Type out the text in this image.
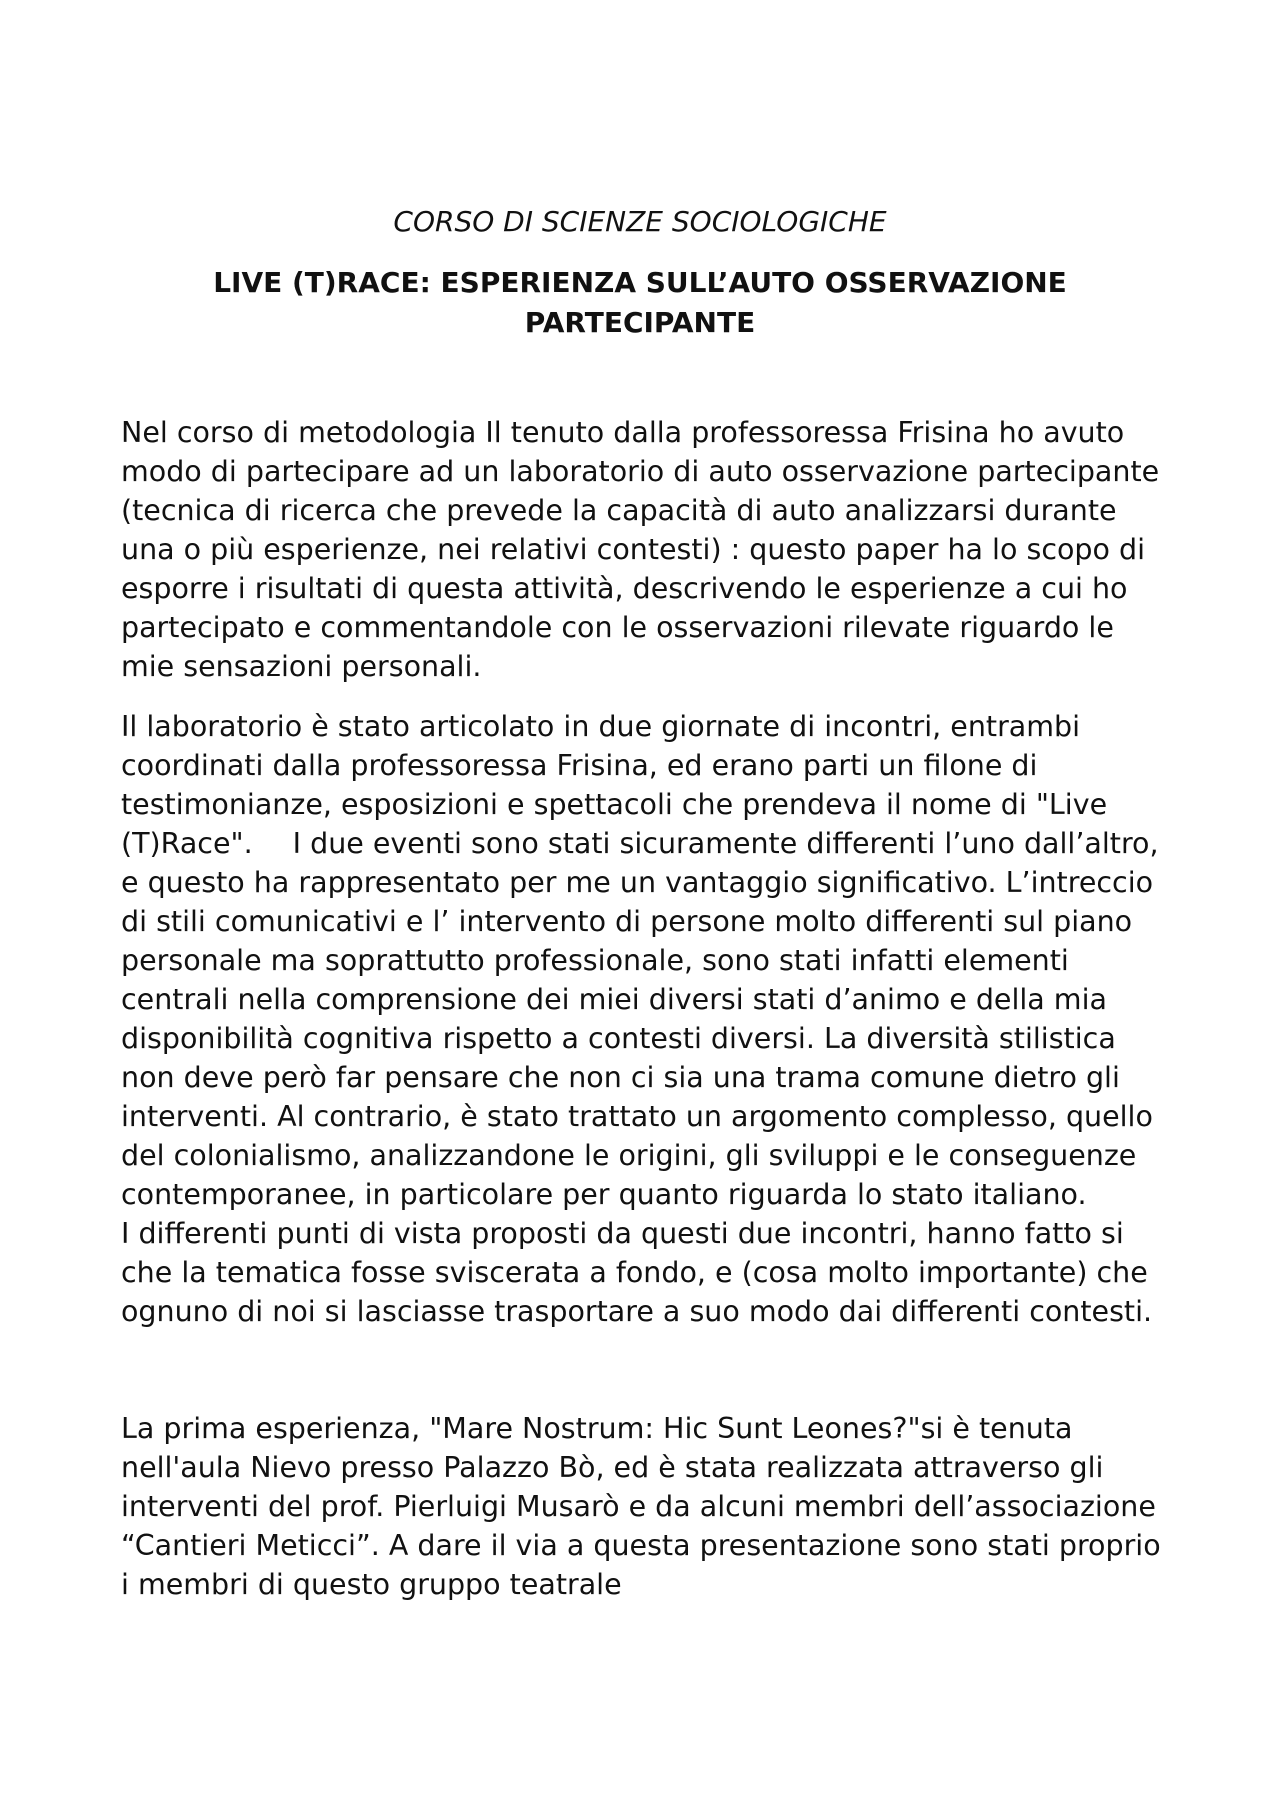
CORSO DI SCIENZE SOCIOLOGICHE

LIVE (T)RACE: ESPERIENZA SULL’AUTO OSSERVAZIONE PARTECIPANTE

Nel corso di metodologia Il tenuto dalla professoressa Frisina ho avuto modo di partecipare ad un laboratorio di auto osservazione partecipante (tecnica di ricerca che prevede la capacità di auto analizzarsi durante una o più esperienze, nei relativi contesti) : questo paper ha lo scopo di esporre i risultati di questa attività, descrivendo le esperienze a cui ho partecipato e commentandole con le osservazioni rilevate riguardo le mie sensazioni personali.

Il laboratorio è stato articolato in due giornate di incontri, entrambi coordinati dalla professoressa Frisina, ed erano parti un filone di testimonianze, esposizioni e spettacoli che prendeva il nome di "Live (T)Race". I due eventi sono stati sicuramente differenti l’uno dall’altro, e questo ha rappresentato per me un vantaggio significativo. L’intreccio di stili comunicativi e l’ intervento di persone molto differenti sul piano personale ma soprattutto professionale, sono stati infatti elementi centrali nella comprensione dei miei diversi stati d’animo e della mia disponibilità cognitiva rispetto a contesti diversi. La diversità stilistica non deve però far pensare che non ci sia una trama comune dietro gli interventi. Al contrario, è stato trattato un argomento complesso, quello del colonialismo, analizzandone le origini, gli sviluppi e le conseguenze contemporanee, in particolare per quanto riguarda lo stato italiano.
I differenti punti di vista proposti da questi due incontri, hanno fatto si che la tematica fosse sviscerata a fondo, e (cosa molto importante) che ognuno di noi si lasciasse trasportare a suo modo dai differenti contesti.

La prima esperienza, "Mare Nostrum: Hic Sunt Leones?"si è tenuta nell'aula Nievo presso Palazzo Bò, ed è stata realizzata attraverso gli interventi del prof. Pierluigi Musarò e da alcuni membri dell’associazione “Cantieri Meticci”. A dare il via a questa presentazione sono stati proprio i membri di questo gruppo teatrale
